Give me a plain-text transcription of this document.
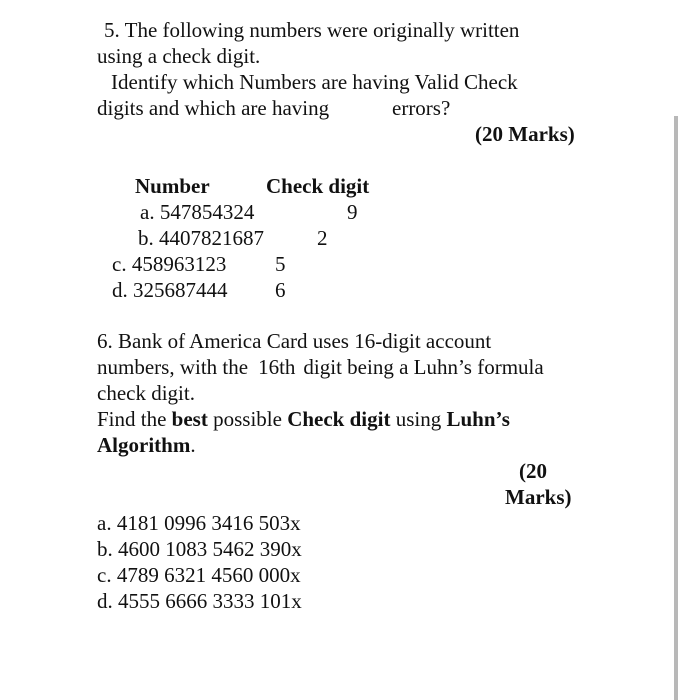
5. The following numbers were originally written
using a check digit.
Identify which Numbers are having Valid Check
digits and which are having	errors?
(20 Marks)
Number	Check digit
a. 547854324	9
b. 4407821687	2
c. 458963123 5
d. 325687444 6
6. Bank of America Card uses 16-digit account
numbers, with the 16th digit being a Luhn’s formula
check digit.
Find the best possible Check digit using Luhn’s
Algorithm.
(20
Marks)
a. 4181 0996 3416 503x
b. 4600 1083 5462 390x
c. 4789 6321 4560 000x
d. 4555 6666 3333 101x
